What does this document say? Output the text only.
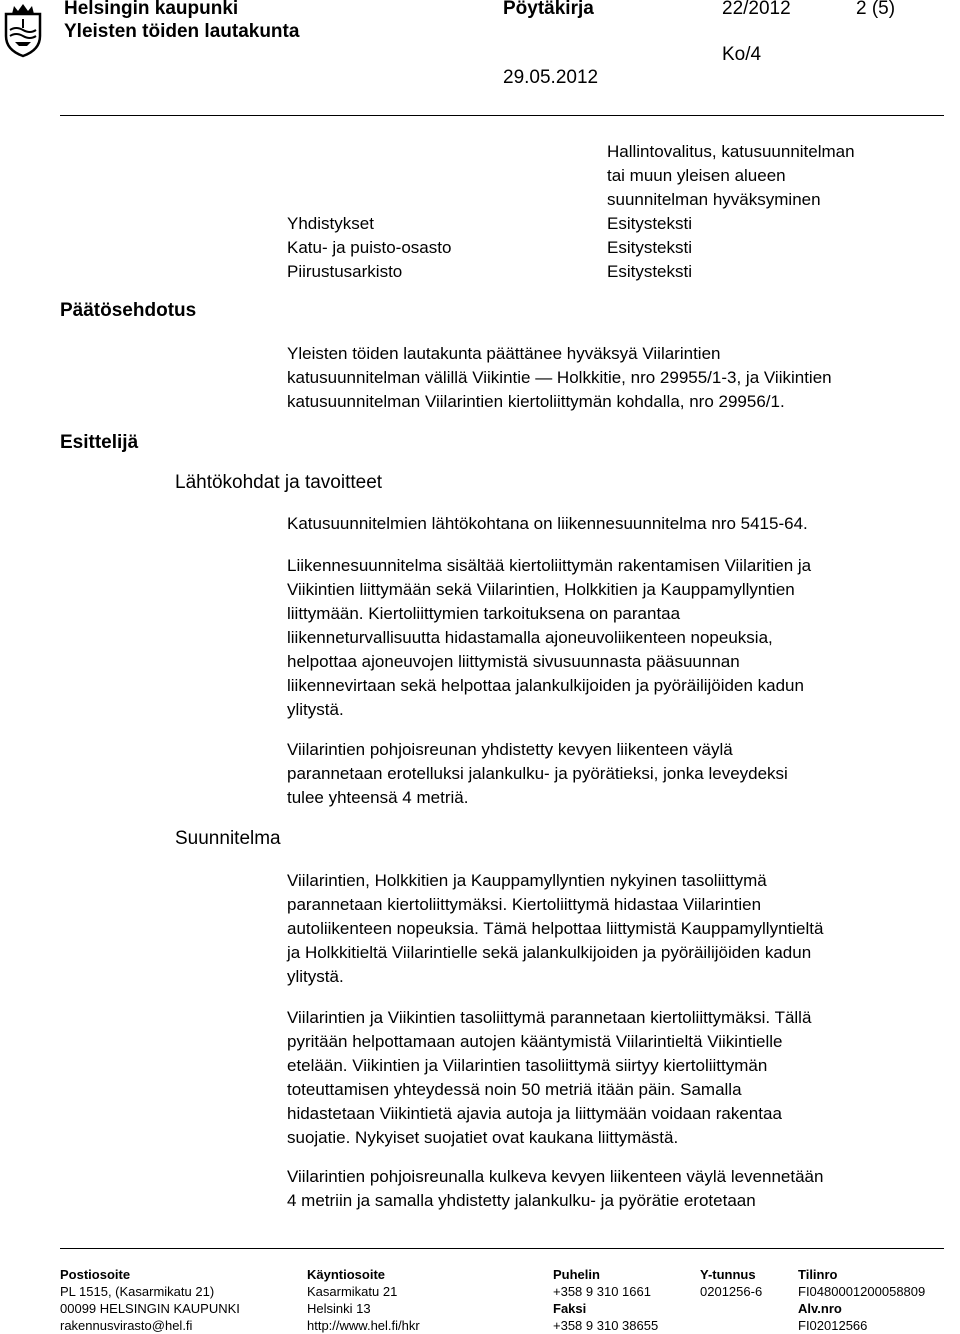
Helsingin kaupunki
Yleisten töiden lautakunta
Pöytäkirja	22/2012	2 (5)
Ko/4
29.05.2012
Yhdistykset
Katu- ja puisto-osasto
Piirustusarkisto
Hallintovalitus, katusuunnitelman
tai muun yleisen alueen
suunnitelman hyväksyminen
Esitysteksti
Esitysteksti
Esitysteksti
Päätösehdotus
Esittelijä
Lähtökohdat ja tavoitteet
Suunnitelma
Yleisten töiden lautakunta päättänee hyväksyä Viilarintien
katusuunnitelman välillä Viikintie ― Holkkitie, nro 29955/1-3, ja Viikintien
katusuunnitelman Viilarintien kiertoliittymän kohdalla, nro 29956/1.
Katusuunnitelmien lähtökohtana on liikennesuunnitelma nro 5415-64.
Liikennesuunnitelma sisältää kiertoliittymän rakentamisen Viilaritien ja
Viikintien liittymään sekä Viilarintien, Holkkitien ja Kauppamyllyntien
liittymään. Kiertoliittymien tarkoituksena on parantaa
liikenneturvallisuutta hidastamalla ajoneuvoliikenteen nopeuksia,
helpottaa ajoneuvojen liittymistä sivusuunnasta pääsuunnan
liikennevirtaan sekä helpottaa jalankulkijoiden ja pyöräilijöiden kadun
ylitystä.
Viilarintien pohjoisreunan yhdistetty kevyen liikenteen väylä
parannetaan erotelluksi jalankulku- ja pyörätieksi, jonka leveydeksi
tulee yhteensä 4 metriä.
Viilarintien, Holkkitien ja Kauppamyllyntien nykyinen tasoliittymä
parannetaan kiertoliittymäksi. Kiertoliittymä hidastaa Viilarintien
autoliikenteen nopeuksia. Tämä helpottaa liittymistä Kauppamyllyntieltä
ja Holkkitieltä Viilarintielle sekä jalankulkijoiden ja pyöräilijöiden kadun
ylitystä.
Viilarintien ja Viikintien tasoliittymä parannetaan kiertoliittymäksi. Tällä
pyritään helpottamaan autojen kääntymistä Viilarintieltä Viikintielle
etelään. Viikintien ja Viilarintien tasoliittymä siirtyy kiertoliittymän
toteuttamisen yhteydessä noin 50 metriä itään päin. Samalla
hidastetaan Viikintietä ajavia autoja ja liittymään voidaan rakentaa
suojatie. Nykyiset suojatiet ovat kaukana liittymästä.
Viilarintien pohjoisreunalla kulkeva kevyen liikenteen väylä levennetään
4 metriin ja samalla yhdistetty jalankulku- ja pyörätie erotetaan
Postiosoite
PL 1515, (Kasarmikatu 21)
00099 HELSINGIN KAUPUNKI
rakennusvirasto@hel.fi
Käyntiosoite
Kasarmikatu 21
Helsinki 13
http://www.hel.fi/hkr
Puhelin
+358 9 310 1661
Faksi
+358 9 310 38655
Y-tunnus
0201256-6
Tilinro
FI0480001200058809
Alv.nro
FI02012566
